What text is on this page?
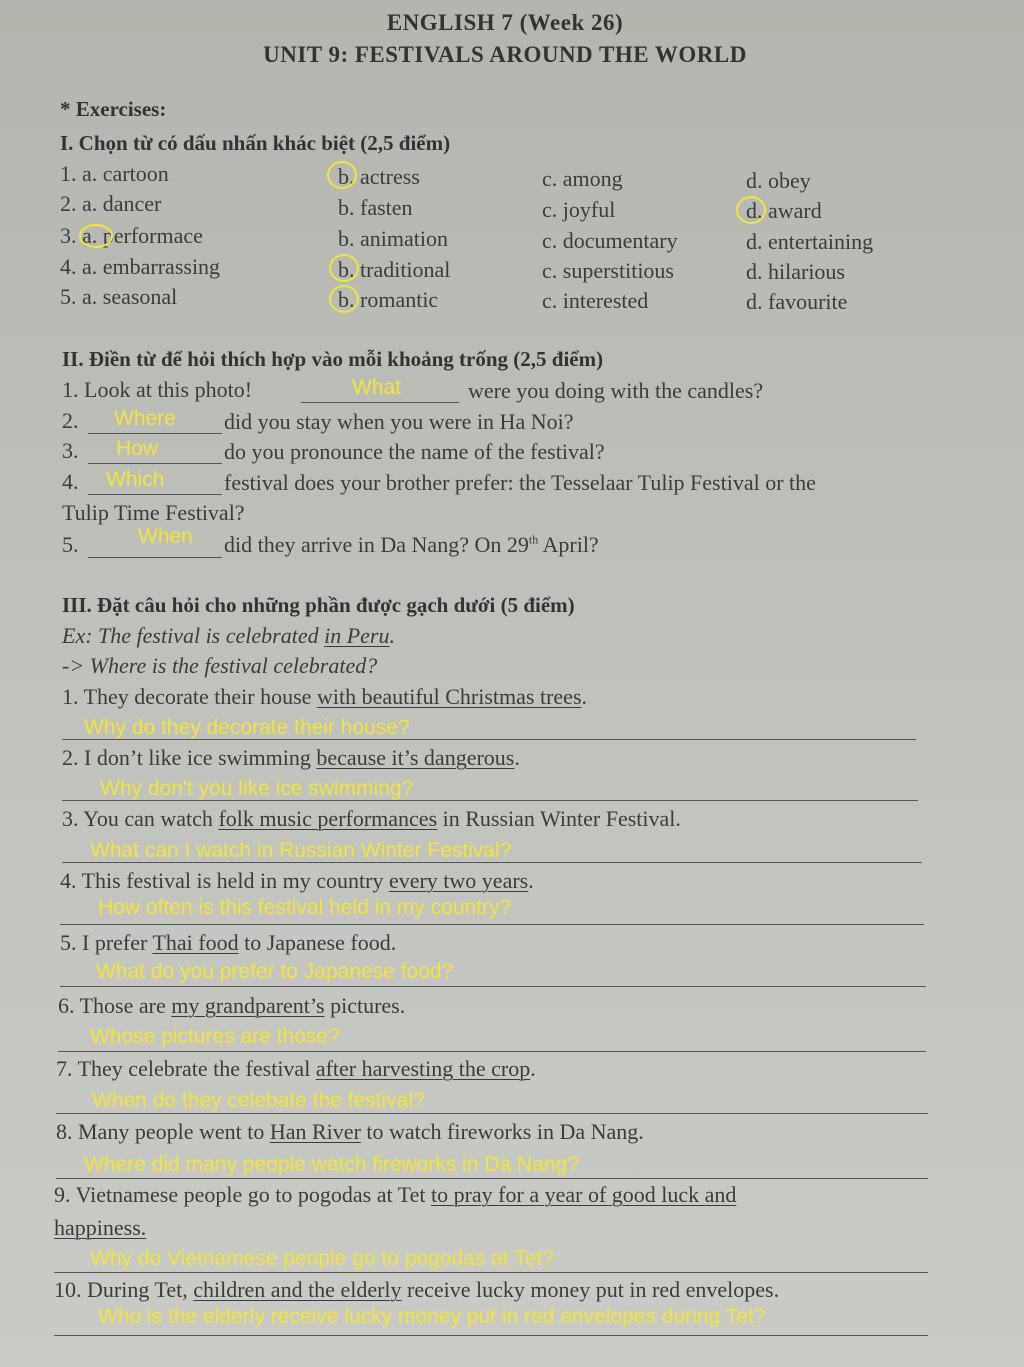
ENGLISH 7 (Week 26)
UNIT 9: FESTIVALS AROUND THE WORLD
* Exercises:
I. Chọn từ có dấu nhấn khác biệt (2,5 điểm)
1. a. cartoon	b. actress	c. among	d. obey
2. a. dancer	b. fasten	c. joyful	d. award
3. a. performace	b. animation	c. documentary	d. entertaining
4. a. embarrassing	b. traditional	c. superstitious	d. hilarious
5. a. seasonal	b. romantic	c. interested	d. favourite
II. Điền từ để hỏi thích hợp vào mỗi khoảng trống (2,5 điểm)
1. Look at this photo!	What	were you doing with the candles?
2. Where did you stay when you were in Ha Noi?
3. How	do you pronounce the name of the festival?
4. Which	festival does your brother prefer: the Tesselaar Tulip Festival or the
Tulip Time Festival?
5.	When did they arrive in Da Nang? On 29th April?
III. Đặt câu hỏi cho những phần được gạch dưới (5 điểm)
Ex: The festival is celebrated in Peru.
-> Where is the festival celebrated?
1. They decorate their house with beautiful Christmas trees.
Why do they decorate their house?
2. I don’t like ice swimming because it’s dangerous.
Why don't you like ice swimming?
3. You can watch folk music performances in Russian Winter Festival.
What can I watch in Russian Winter Festival?
4. This festival is held in my country every two years.
How often is this festival held in my country?
5. I prefer Thai food to Japanese food.
What do you prefer to Japanese food?
6. Those are my grandparent’s pictures.
Whose pictures are those?
7. They celebrate the festival after harvesting the crop.
When do they celebate the festival?
8. Many people went to Han River to watch fireworks in Da Nang.
Where did many people watch fireworks in Da Nang?
9. Vietnamese people go to pogodas at Tet to pray for a year of good luck and
happiness.
Why do Vietnamese people go to pogodas at Tet?
10. During Tet, children and the elderly receive lucky money put in red envelopes.
Who is the elderly receive lucky money put in red envelopes during Tet?
